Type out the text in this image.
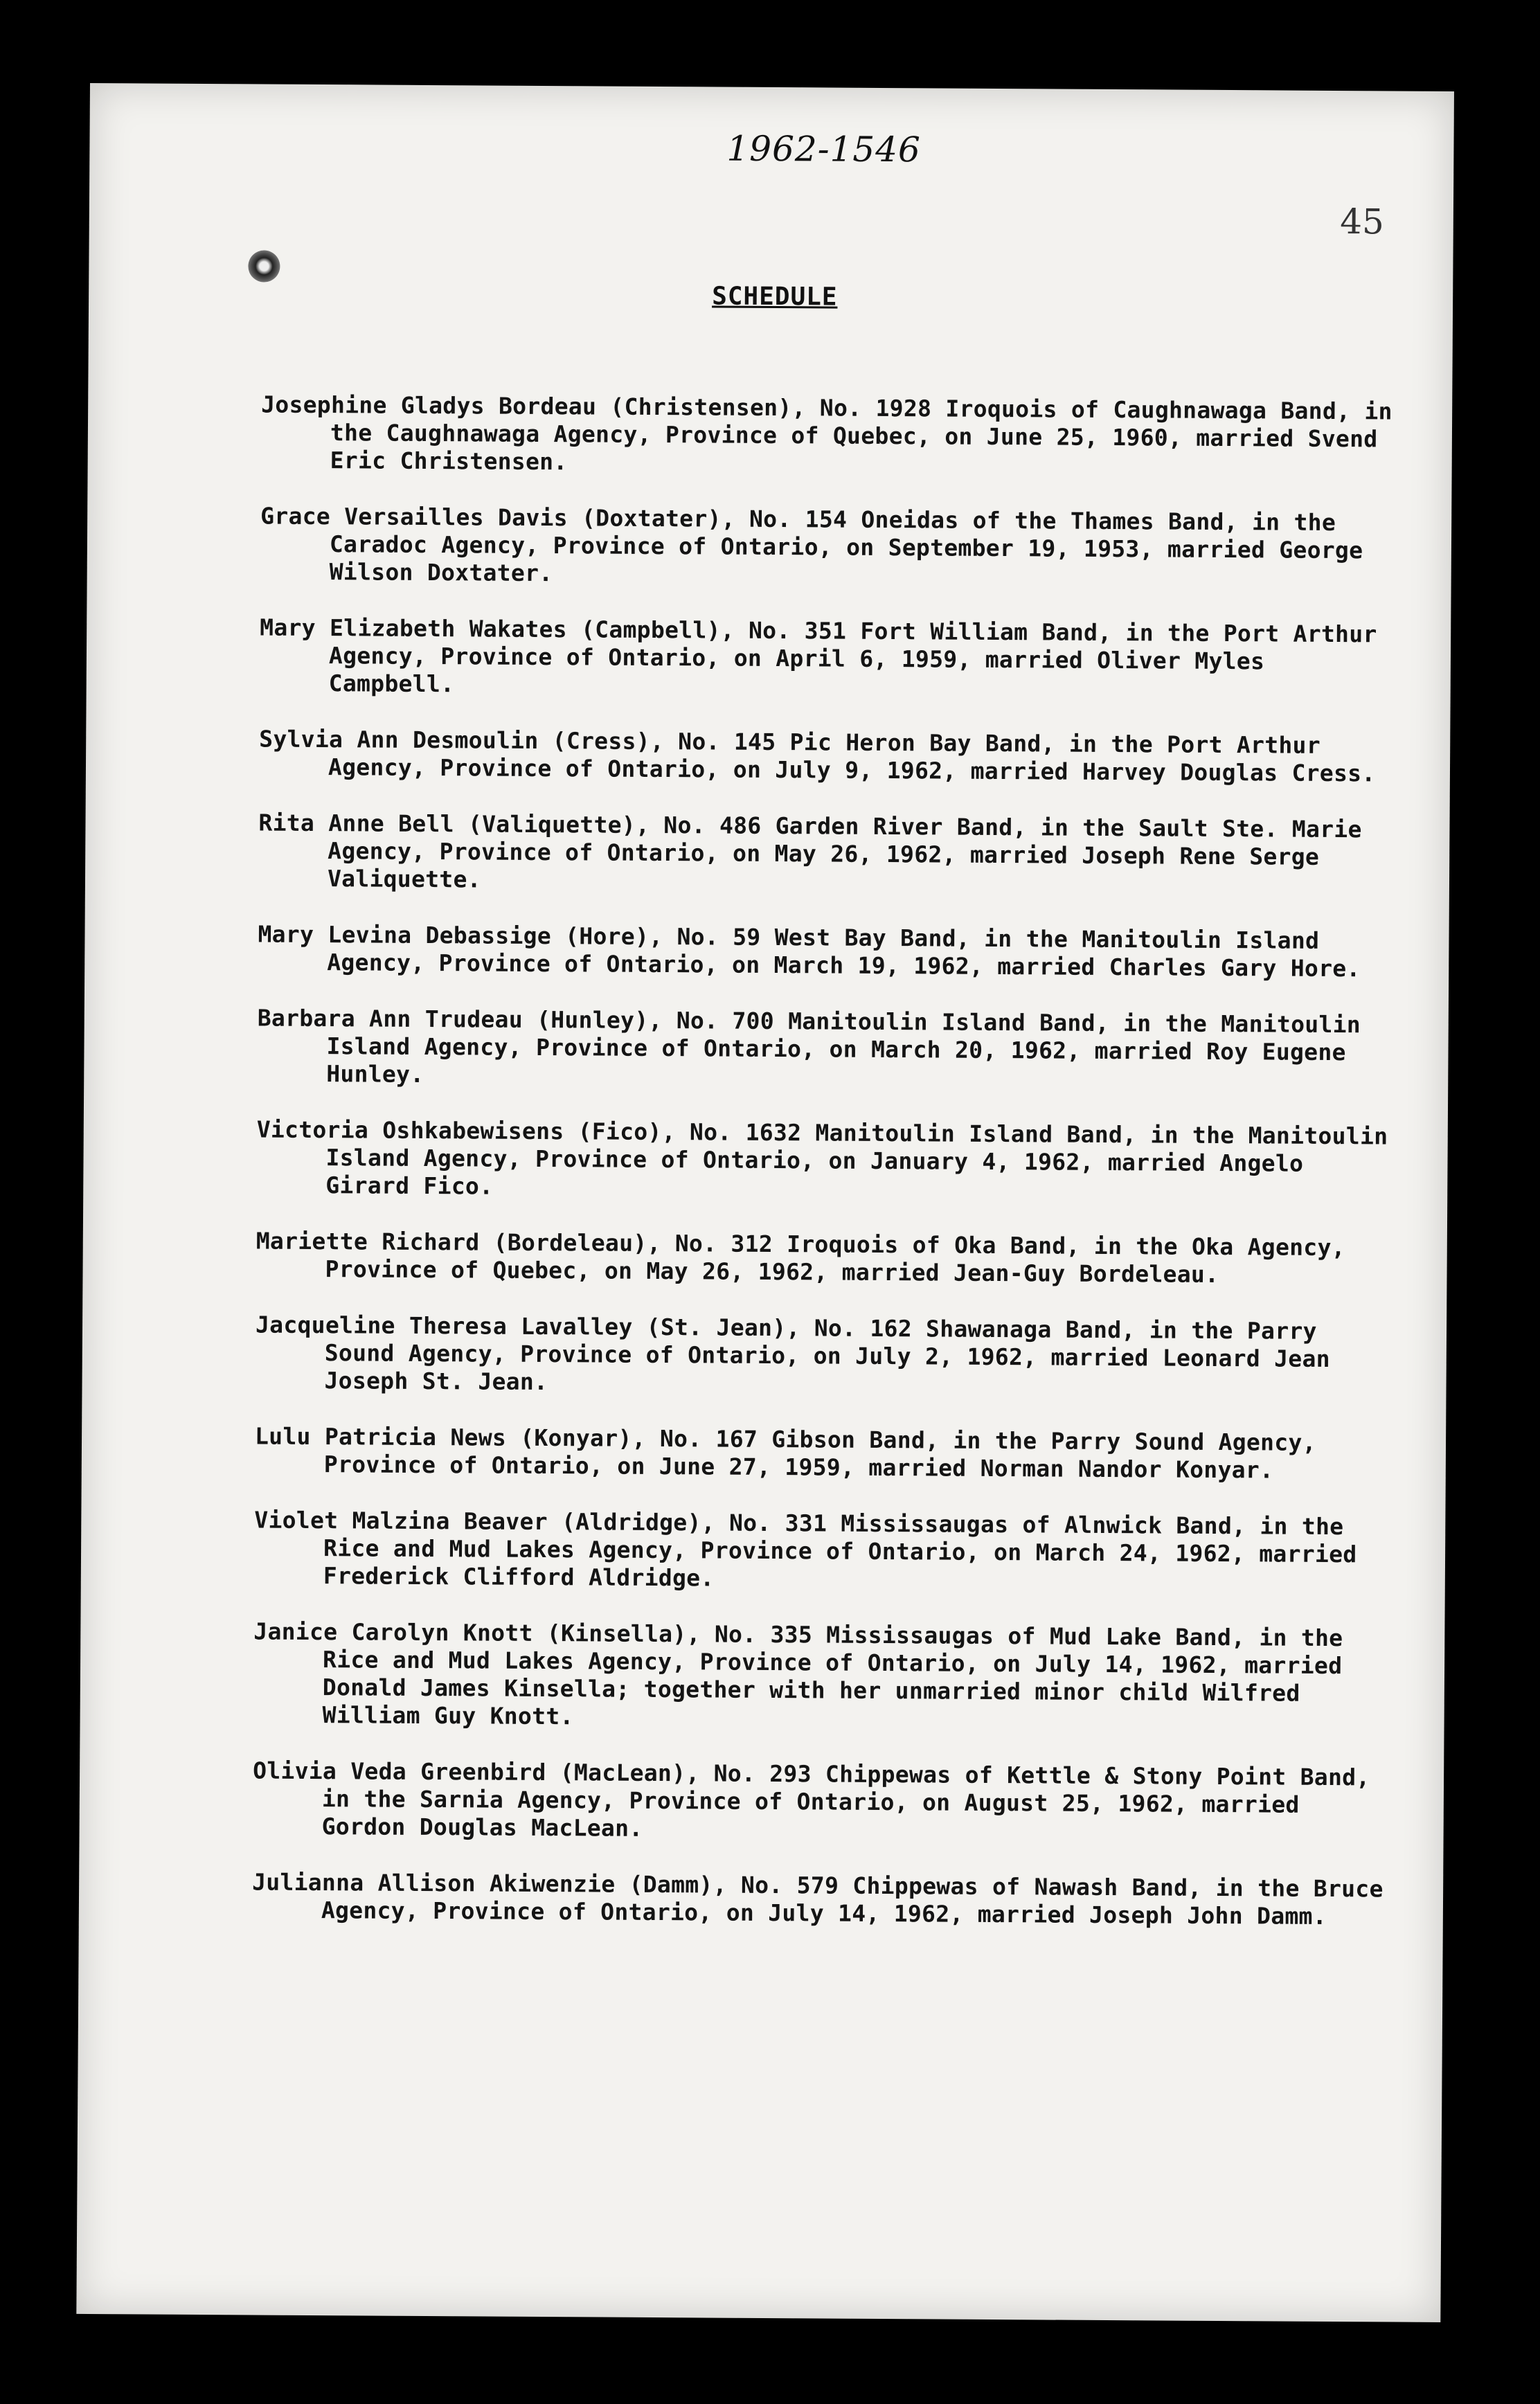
1962-1546
45
SCHEDULE

Josephine Gladys Bordeau (Christensen), No. 1928 Iroquois of Caughnawaga Band, in the Caughnawaga Agency, Province of Quebec, on June 25, 1960, married Svend Eric Christensen.

Grace Versailles Davis (Doxtater), No. 154 Oneidas of the Thames Band, in the Caradoc Agency, Province of Ontario, on September 19, 1953, married George Wilson Doxtater.

Mary Elizabeth Wakates (Campbell), No. 351 Fort William Band, in the Port Arthur Agency, Province of Ontario, on April 6, 1959, married Oliver Myles Campbell.

Sylvia Ann Desmoulin (Cress), No. 145 Pic Heron Bay Band, in the Port Arthur Agency, Province of Ontario, on July 9, 1962, married Harvey Douglas Cress.

Rita Anne Bell (Valiquette), No. 486 Garden River Band, in the Sault Ste. Marie Agency, Province of Ontario, on May 26, 1962, married Joseph Rene Serge Valiquette.

Mary Levina Debassige (Hore), No. 59 West Bay Band, in the Manitoulin Island Agency, Province of Ontario, on March 19, 1962, married Charles Gary Hore.

Barbara Ann Trudeau (Hunley), No. 700 Manitoulin Island Band, in the Manitoulin Island Agency, Province of Ontario, on March 20, 1962, married Roy Eugene Hunley.

Victoria Oshkabewisens (Fico), No. 1632 Manitoulin Island Band, in the Manitoulin Island Agency, Province of Ontario, on January 4, 1962, married Angelo Girard Fico.

Mariette Richard (Bordeleau), No. 312 Iroquois of Oka Band, in the Oka Agency, Province of Quebec, on May 26, 1962, married Jean-Guy Bordeleau.

Jacqueline Theresa Lavalley (St. Jean), No. 162 Shawanaga Band, in the Parry Sound Agency, Province of Ontario, on July 2, 1962, married Leonard Jean Joseph St. Jean.

Lulu Patricia News (Konyar), No. 167 Gibson Band, in the Parry Sound Agency, Province of Ontario, on June 27, 1959, married Norman Nandor Konyar.

Violet Malzina Beaver (Aldridge), No. 331 Mississaugas of Alnwick Band, in the Rice and Mud Lakes Agency, Province of Ontario, on March 24, 1962, married Frederick Clifford Aldridge.

Janice Carolyn Knott (Kinsella), No. 335 Mississaugas of Mud Lake Band, in the Rice and Mud Lakes Agency, Province of Ontario, on July 14, 1962, married Donald James Kinsella; together with her unmarried minor child Wilfred William Guy Knott.

Olivia Veda Greenbird (MacLean), No. 293 Chippewas of Kettle & Stony Point Band, in the Sarnia Agency, Province of Ontario, on August 25, 1962, married Gordon Douglas MacLean.

Julianna Allison Akiwenzie (Damm), No. 579 Chippewas of Nawash Band, in the Bruce Agency, Province of Ontario, on July 14, 1962, married Joseph John Damm.
